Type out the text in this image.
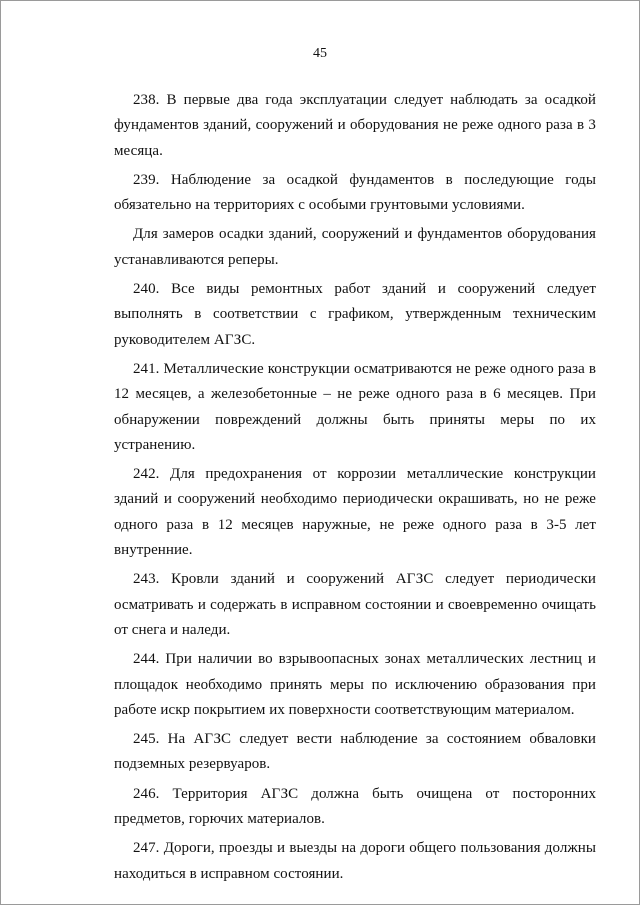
45

238. В первые два года эксплуатации следует наблюдать за осадкой фундаментов зданий, сооружений и оборудования не реже одного раза в 3 месяца.

239. Наблюдение за осадкой фундаментов в последующие годы обязательно на территориях с особыми грунтовыми условиями.

Для замеров осадки зданий, сооружений и фундаментов оборудования устанавливаются реперы.

240. Все виды ремонтных работ зданий и сооружений следует выполнять в соответствии с графиком, утвержденным техническим руководителем АГЗС.

241. Металлические конструкции осматриваются не реже одного раза в 12 месяцев, а железобетонные – не реже одного раза в 6 месяцев. При обнаружении повреждений должны быть приняты меры по их устранению.

242. Для предохранения от коррозии металлические конструкции зданий и сооружений необходимо периодически окрашивать, но не реже одного раза в 12 месяцев наружные, не реже одного раза в 3-5 лет внутренние.

243. Кровли зданий и сооружений АГЗС следует периодически осматривать и содержать в исправном состоянии и своевременно очищать от снега и наледи.

244. При наличии во взрывоопасных зонах металлических лестниц и площадок необходимо принять меры по исключению образования при работе искр покрытием их поверхности соответствующим материалом.

245. На АГЗС следует вести наблюдение за состоянием обваловки подземных резервуаров.

246. Территория АГЗС должна быть очищена от посторонних предметов, горючих материалов.

247. Дороги, проезды и выезды на дороги общего пользования должны находиться в исправном состоянии.
